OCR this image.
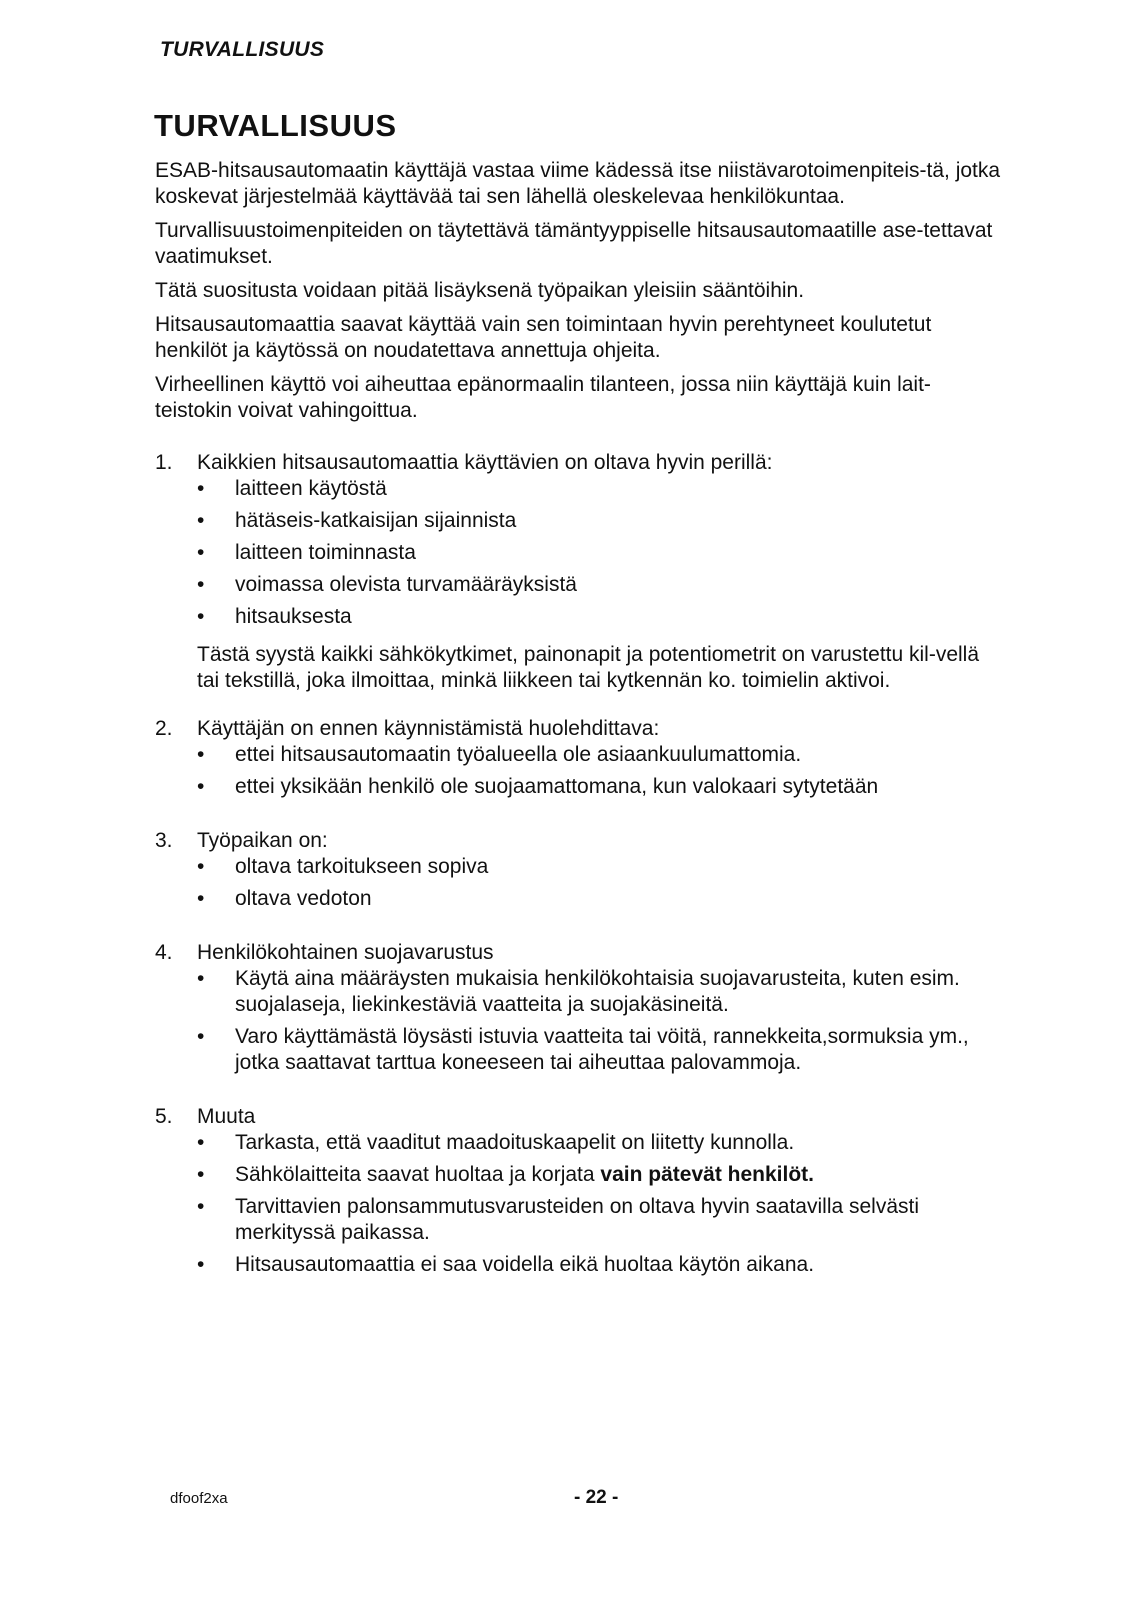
TURVALLISUUS
TURVALLISUUS

ESAB-hitsausautomaatin käyttäjä vastaa viime kädessä itse niistävarotoimenpiteis-tä, jotka koskevat järjestelmää käyttävää tai sen lähellä oleskelevaa henkilökuntaa.

Turvallisuustoimenpiteiden on täytettävä tämäntyyppiselle hitsausautomaatille ase-tettavat vaatimukset.

Tätä suositusta voidaan pitää lisäyksenä työpaikan yleisiin sääntöihin.

Hitsausautomaattia saavat käyttää vain sen toimintaan hyvin perehtyneet koulutetut henkilöt ja käytössä on noudatettava annettuja ohjeita.

Virheellinen käyttö voi aiheuttaa epänormaalin tilanteen, jossa niin käyttäjä kuin lait-teistokin voivat vahingoittua.

1.	Kaikkien hitsausautomaattia käyttävien on oltava hyvin perillä:

•	laitteen käytöstä
•	hätäseis-katkaisijan sijainnista
•	laitteen toiminnasta
•	voimassa olevista turvamääräyksistä
•	hitsauksesta

Tästä syystä kaikki sähkökytkimet, painonapit ja potentiometrit on varustettu kil-vellä tai tekstillä, joka ilmoittaa, minkä liikkeen tai kytkennän ko. toimielin aktivoi.

2.	Käyttäjän on ennen käynnistämistä huolehdittava:

•	ettei hitsausautomaatin työalueella ole asiaankuulumattomia.
•	ettei yksikään henkilö ole suojaamattomana, kun valokaari sytytetään
3.	Työpaikan on:

•	oltava tarkoitukseen sopiva
•	oltava vedoton
4.	Henkilökohtainen suojavarustus

•	Käytä aina määräysten mukaisia henkilökohtaisia suojavarusteita, kuten esim. suojalaseja, liekinkestäviä vaatteita ja suojakäsineitä.
•	Varo käyttämästä löysästi istuvia vaatteita tai vöitä, rannekkeita,sormuksia ym., jotka saattavat tarttua koneeseen tai aiheuttaa palovammoja.
5.	Muuta

•	Tarkasta, että vaaditut maadoituskaapelit on liitetty kunnolla.
•	Sähkölaitteita saavat huoltaa ja korjata vain pätevät henkilöt.
•	Tarvittavien palonsammutusvarusteiden on oltava hyvin saatavilla selvästi merkityssä paikassa.
•	Hitsausautomaattia ei saa voidella eikä huoltaa käytön aikana.
dfoof2xa	- 22 -
